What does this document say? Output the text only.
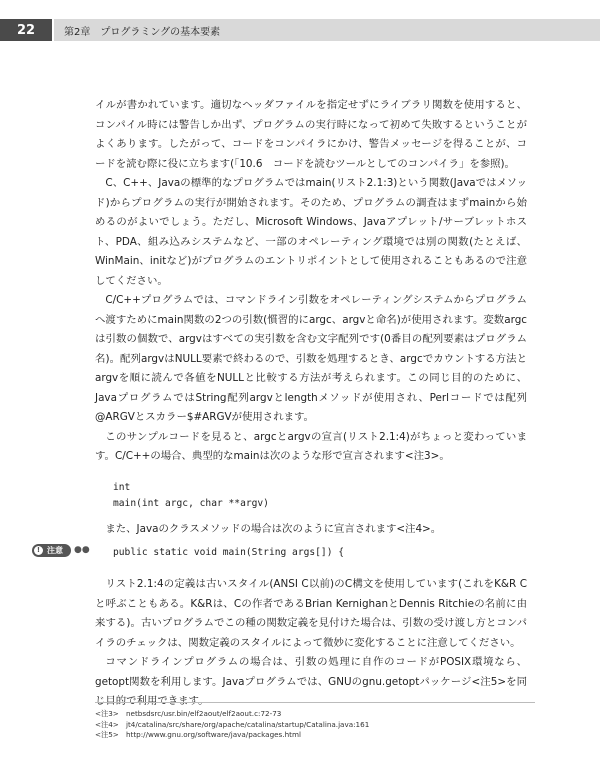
22	第2章　プログラミングの基本要素

イルが書かれています。適切なヘッダファイルを指定せずにライブラリ関数を使用すると、コンパイル時には警告しか出ず、プログラムの実行時になって初めて失敗するということがよくあります。したがって、コードをコンパイラにかけ、警告メッセージを得ることが、コードを読む際に役に立ちます(「10.6　コードを読むツールとしてのコンパイラ」を参照)。

C、C++、Javaの標準的なプログラムではmain(リスト2.1:3)という関数(Javaではメソッド)からプログラムの実行が開始されます。そのため、プログラムの調査はまずmainから始めるのがよいでしょう。ただし、Microsoft Windows、Javaアプレット/サーブレットホスト、PDA、組み込みシステムなど、一部のオペレーティング環境では別の関数(たとえば、WinMain、initなど)がプログラムのエントリポイントとして使用されることもあるので注意してください。

C/C++プログラムでは、コマンドライン引数をオペレーティングシステムからプログラムへ渡すためにmain関数の2つの引数(慣習的にargc、argvと命名)が使用されます。変数argcは引数の個数で、argvはすべての実引数を含む文字配列です(0番目の配列要素はプログラム名)。配列argvはNULL要素で終わるので、引数を処理するとき、argcでカウントする方法とargvを順に読んで各値をNULLと比較する方法が考えられます。この同じ目的のために、JavaプログラムではString配列argvとlengthメソッドが使用され、Perlコードでは配列@ARGVとスカラー$#ARGVが使用されます。

このサンプルコードを見ると、argcとargvの宣言(リスト2.1:4)がちょっと変わっています。C/C++の場合、典型的なmainは次のような形で宣言されます<注3>。

int
main(int argc, char **argv)

また、Javaのクラスメソッドの場合は次のように宣言されます<注4>。

public static void main(String args[]) {

リスト2.1:4の定義は古いスタイル(ANSI C以前)のC構文を使用しています(これをK&R Cと呼ぶこともある。K&Rは、Cの作者であるBrian KernighanとDennis Ritchieの名前に由来する)。古いプログラムでこの種の関数定義を見付けた場合は、引数の受け渡し方とコンパイラのチェックは、関数定義のスタイルによって微妙に変化することに注意してください。

コマンドラインプログラムの場合は、引数の処理に自作のコードがPOSIX環境なら、getopt関数を利用します。Javaプログラムでは、GNUのgnu.getoptパッケージ<注5>を同じ目的で利用できます。

! 注意 ●●
<注3>　netbsdsrc/usr.bin/elf2aout/elf2aout.c:72-73
<注4>　jt4/catalina/src/share/org/apache/catalina/startup/Catalina.java:161
<注5>　http://www.gnu.org/software/java/packages.html
